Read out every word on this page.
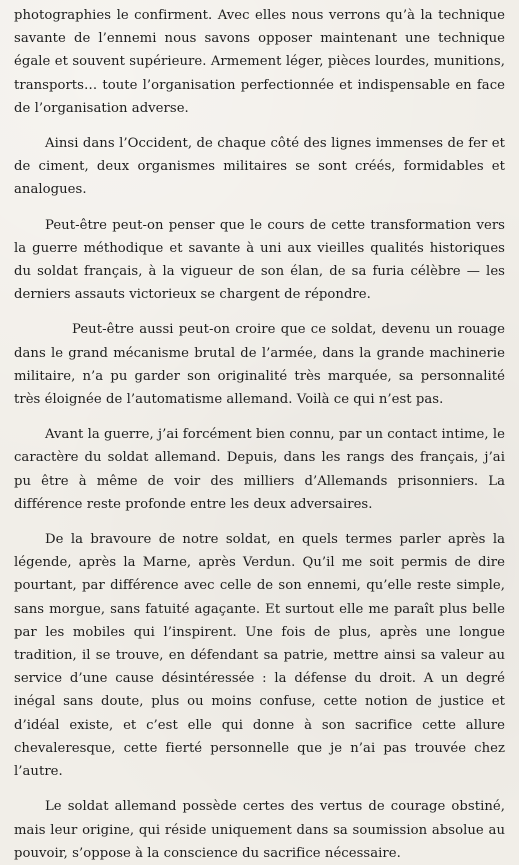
photographies le confirment. Avec elles nous verrons qu’à la technique savante de l’ennemi nous savons opposer maintenant une technique égale et souvent supérieure. Armement léger, pièces lourdes, munitions, transports… toute l’organisation perfectionnée et indispensable en face de l’organisation adverse.

Ainsi dans l’Occident, de chaque côté des lignes immenses de fer et de ciment, deux organismes militaires se sont créés, formidables et analogues.

Peut-être peut-on penser que le cours de cette transformation vers la guerre méthodique et savante à uni aux vieilles qualités historiques du soldat français, à la vigueur de son élan, de sa furia célèbre — les derniers assauts victorieux se chargent de répondre.

Peut-être aussi peut-on croire que ce soldat, devenu un rouage dans le grand mécanisme brutal de l’armée, dans la grande machinerie militaire, n’a pu garder son originalité très marquée, sa personnalité très éloignée de l’automatisme allemand. Voilà ce qui n’est pas.

Avant la guerre, j’ai forcément bien connu, par un contact intime, le caractère du soldat allemand. Depuis, dans les rangs des français, j’ai pu être à même de voir des milliers d’Allemands prisonniers. La différence reste profonde entre les deux adversaires.

De la bravoure de notre soldat, en quels termes parler après la légende, après la Marne, après Verdun. Qu’il me soit permis de dire pourtant, par différence avec celle de son ennemi, qu’elle reste simple, sans morgue, sans fatuité agaçante. Et surtout elle me paraît plus belle par les mobiles qui l’inspirent. Une fois de plus, après une longue tradition, il se trouve, en défendant sa patrie, mettre ainsi sa valeur au service d’une cause désintéressée : la défense du droit. A un degré inégal sans doute, plus ou moins confuse, cette notion de justice et d’idéal existe, et c’est elle qui donne à son sacrifice cette allure chevaleresque, cette fierté personnelle que je n’ai pas trouvée chez l’autre.

Le soldat allemand possède certes des vertus de courage obstiné, mais leur origine, qui réside uniquement dans sa soumission absolue au pouvoir, s’oppose à la conscience du sacrifice nécessaire.
